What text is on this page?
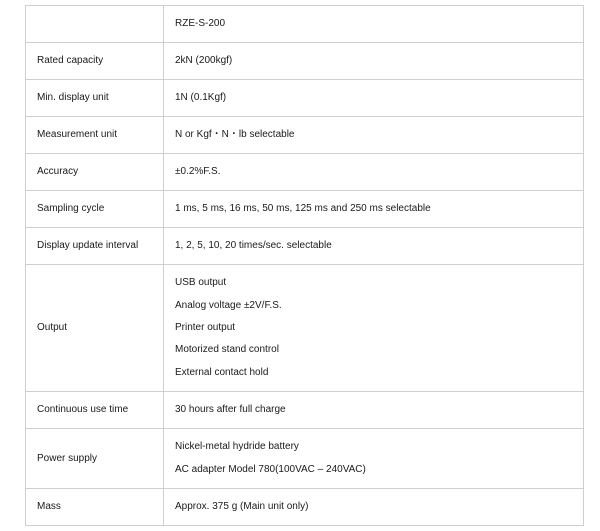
	RZE-S-200
Rated capacity	2kN (200kgf)
Min. display unit	1N (0.1Kgf)
Measurement unit	N or Kgf・N・lb selectable
Accuracy	±0.2%F.S.
Sampling cycle	1 ms, 5 ms, 16 ms, 50 ms, 125 ms and 250 ms selectable
Display update interval	1, 2, 5, 10, 20 times/sec. selectable
Output	USB output
Analog voltage ±2V/F.S.
Printer output
Motorized stand control
External contact hold

Continuous use time	30 hours after full charge
Power supply	Nickel-metal hydride battery
AC adapter Model 780(100VAC – 240VAC)

Mass	Approx. 375 g (Main unit only)
